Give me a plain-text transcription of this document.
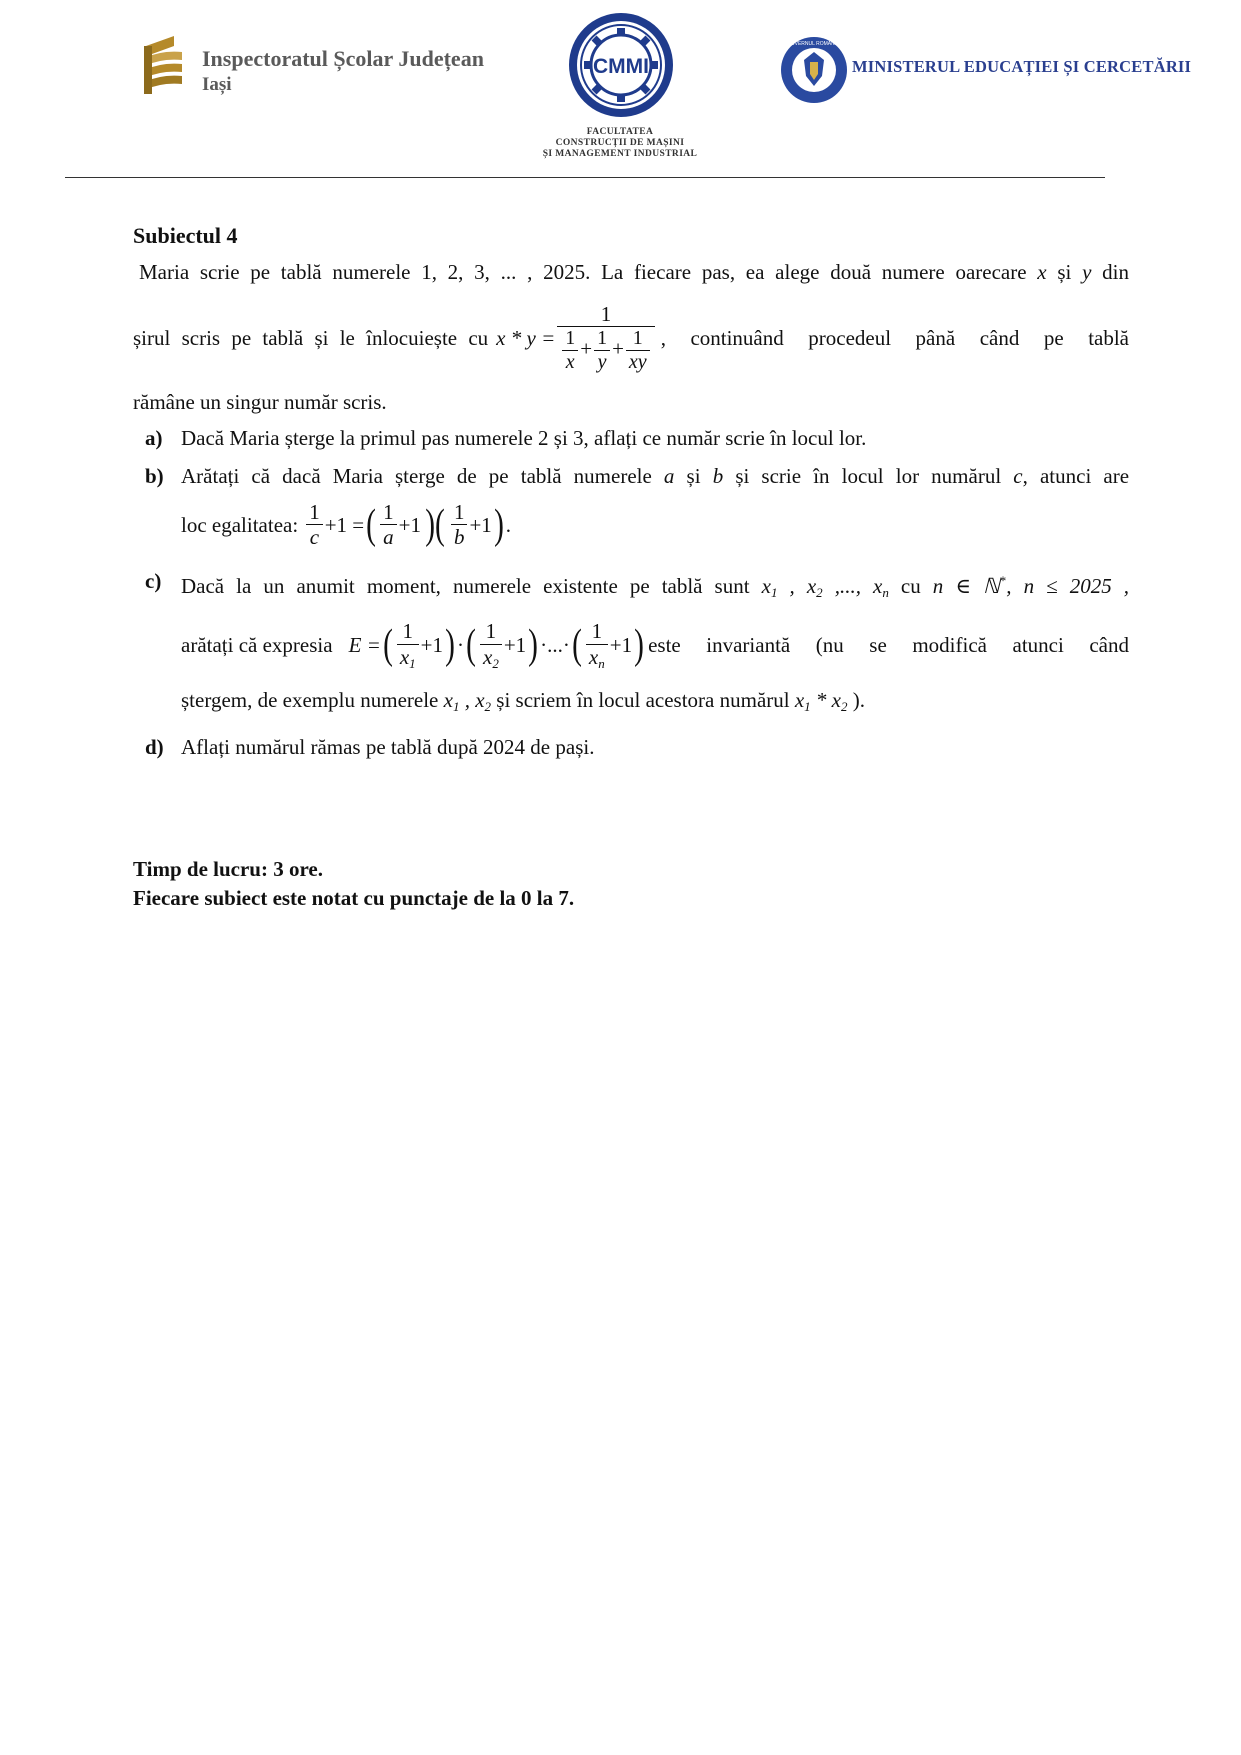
Inspectoratul Școlar Județean
Iași
CMMI
FACULTATEA
CONSTRUCȚII DE MAȘINI
ȘI MANAGEMENT INDUSTRIAL
GUVERNUL ROMÂNIEI
MINISTERUL EDUCAȚIEI ȘI CERCETĂRII
Subiectul 4
Maria scrie pe tablă numerele 1, 2, 3, ... , 2025. La fiecare pas, ea alege două numere oarecare x și y din
șirul scris pe tablă și le înlocuiește cu $x * y = \frac{1}{\frac{1}{x} + \frac{1}{y} + \frac{1}{xy}}$ , continuând procedeul până când pe tablă
rămâne un singur număr scris.
a) Dacă Maria șterge la primul pas numerele 2 și 3, aflați ce număr scrie în locul lor.
b) Arătați că dacă Maria șterge de pe tablă numerele a și b și scrie în locul lor numărul c, atunci are
loc egalitatea: $\frac{1}{c} +1$ = ( $\frac{1}{a} +1$ )( $\frac{1}{b} +1$ ) .
c) Dacă la un anumit moment, numerele existente pe tablă sunt $x_1$ , $x_2$ ,..., $x_n$ cu n ∈ ℕ*, n ≤ 2025 ,
arătați că expresia E = ( $\frac{1}{x_1} +1$ ) · ( $\frac{1}{x_2} +1$ ) ·...· ( $\frac{1}{x_n} +1$ ) este invariantă (nu se modifică atunci când
ștergem, de exemplu numerele $x_1$ , $x_2$ și scriem în locul acestora numărul $x_1 * x_2$ ).
d) Aflați numărul rămas pe tablă după 2024 de pași.
Timp de lucru: 3 ore.
Fiecare subiect este notat cu punctaje de la 0 la 7.
